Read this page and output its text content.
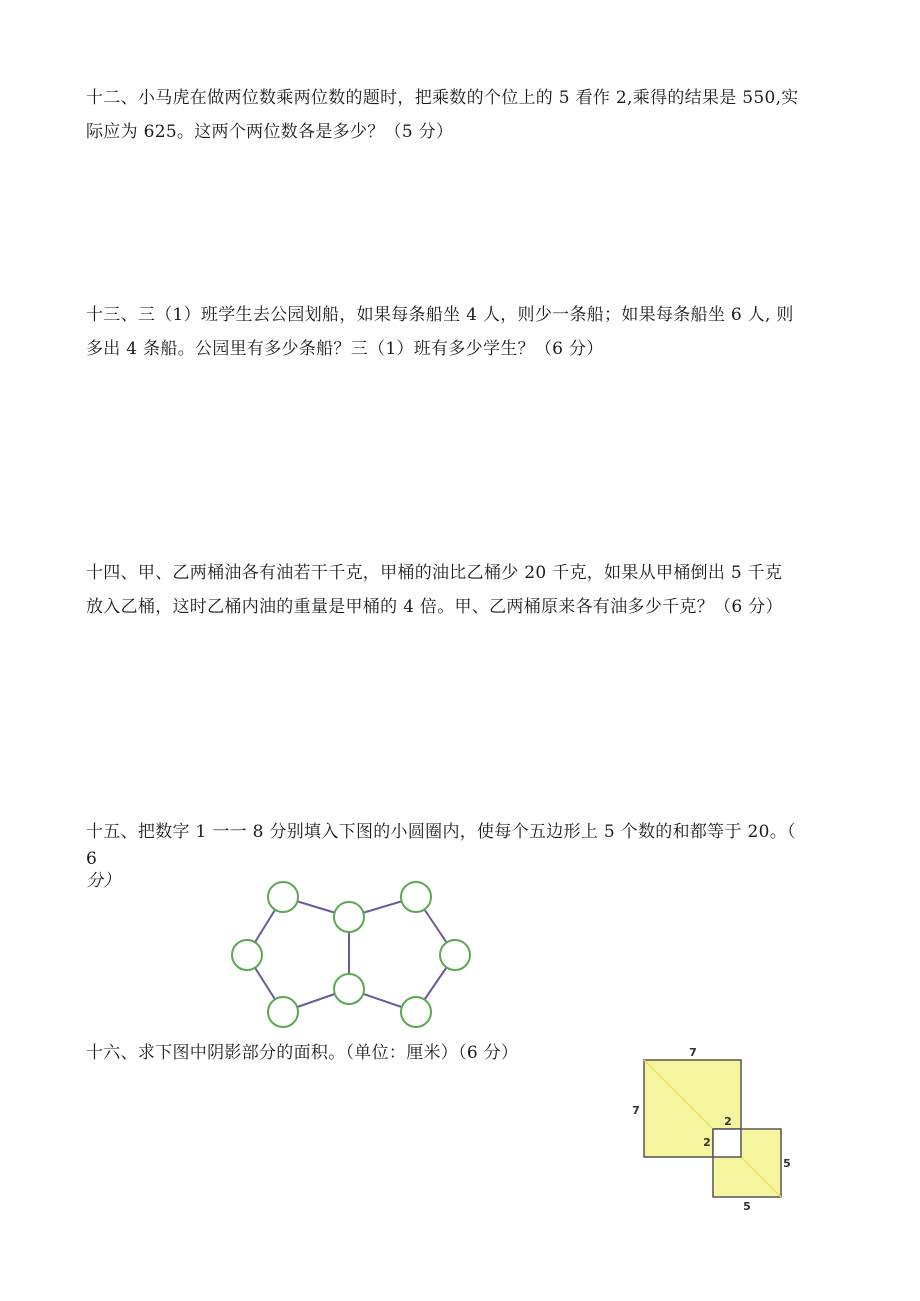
十二、小马虎在做两位数乘两位数的题时，把乘数的个位上的 5 看作 2,乘得的结果是 550,实

际应为 625。这两个两位数各是多少？（5 分）

十三、三（1）班学生去公园划船，如果每条船坐 4 人，则少一条船；如果每条船坐 6 人, 则

多出 4 条船。公园里有多少条船？三（1）班有多少学生？（6 分）

十四、甲、乙两桶油各有油若干千克，甲桶的油比乙桶少 20 千克，如果从甲桶倒出 5 千克

放入乙桶，这时乙桶内油的重量是甲桶的 4 倍。甲、乙两桶原来各有油多少千克？（6 分）

十五、把数字 1 一一 8 分别填入下图的小圆圈内，使每个五边形上 5 个数的和都等于 20。（

6

分）

十六、求下图中阴影部分的面积。（单位：厘米）（6 分）	7
7
2
2
5
5
